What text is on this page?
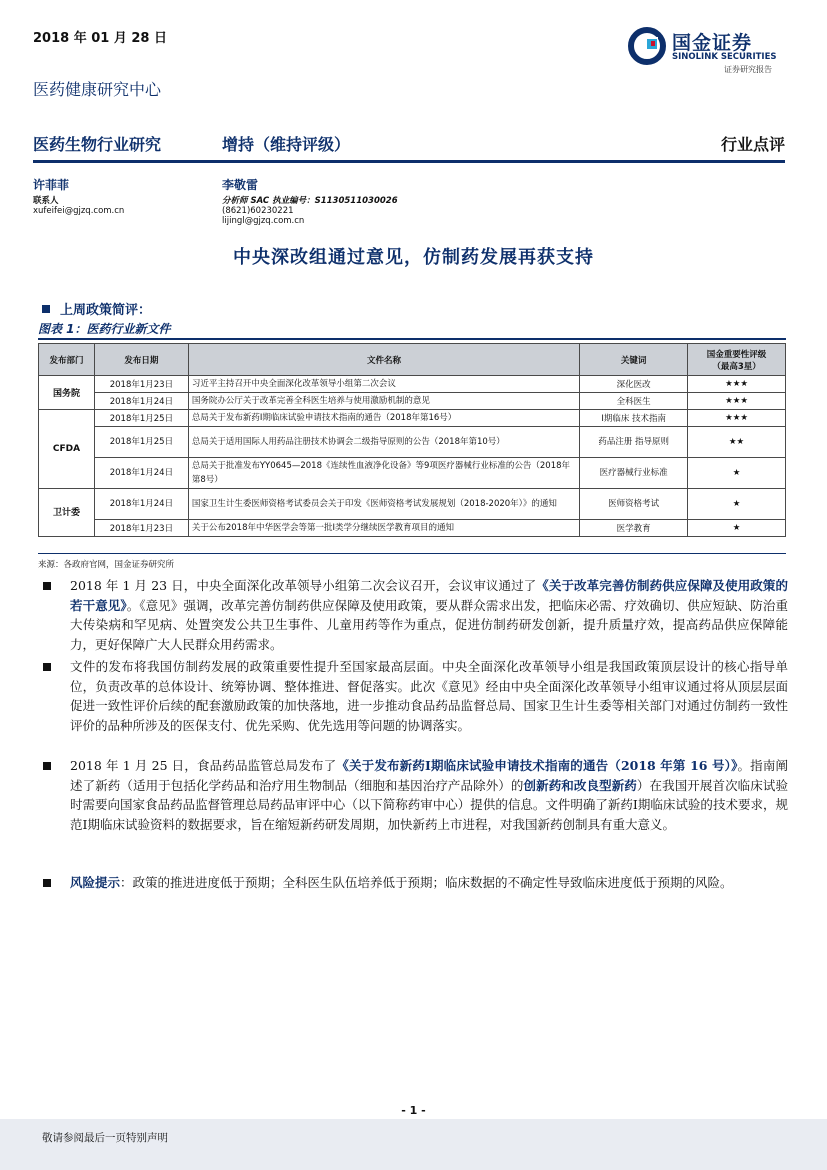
2018 年 01 月 28 日	国金证券
SINOLINK SECURITIES
证券研究报告
医药健康研究中心
医药生物行业研究	增持（维持评级）	行业点评
许菲菲
联系人
xufeifei@gjzq.com.cn
李敬雷
分析师 SAC 执业编号：S1130511030026
(8621)60230221
lijingl@gjzq.com.cn
中央深改组通过意见，仿制药发展再获支持
上周政策简评：
图表 1：医药行业新文件
发布部门	发布日期	文件名称	关键词	国金重要性评级
（最高3星）
国务院	2018年1月23日	习近平主持召开中央全面深化改革领导小组第二次会议	深化医改	★★★
	2018年1月24日	国务院办公厅关于改革完善全科医生培养与使用激励机制的意见	全科医生	★★★
CFDA	2018年1月25日	总局关于发布新药Ⅰ期临床试验申请技术指南的通告（2018年第16号）	Ⅰ期临床 技术指南	★★★
	2018年1月25日	总局关于适用国际人用药品注册技术协调会二级指导原则的公告（2018年第10号）	药品注册 指导原则	★★
	2018年1月24日	总局关于批准发布YY0645—2018《连续性血液净化设备》等9项医疗器械行业标准的公告（2018年第8号）	医疗器械行业标准	★
卫计委	2018年1月24日	国家卫生计生委医师资格考试委员会关于印发《医师资格考试发展规划（2018-2020年）》的通知	医师资格考试	★
	2018年1月23日	关于公布2018年中华医学会等第一批Ⅰ类学分继续医学教育项目的通知	医学教育	★
来源：各政府官网，国金证券研究所
2018 年 1 月 23 日，中央全面深化改革领导小组第二次会议召开，会议审议通过了《关于改革完善仿制药供应保障及使用政策的若干意见》。《意见》强调，改革完善仿制药供应保障及使用政策，要从群众需求出发，把临床必需、疗效确切、供应短缺、防治重大传染病和罕见病、处置突发公共卫生事件、儿童用药等作为重点，促进仿制药研发创新，提升质量疗效，提高药品供应保障能力，更好保障广大人民群众用药需求。
文件的发布将我国仿制药发展的政策重要性提升至国家最高层面。中央全面深化改革领导小组是我国政策顶层设计的核心指导单位，负责改革的总体设计、统筹协调、整体推进、督促落实。此次《意见》经由中央全面深化改革领导小组审议通过将从顶层层面促进一致性评价后续的配套激励政策的加快落地，进一步推动食品药品监督总局、国家卫生计生委等相关部门对通过仿制药一致性评价的品种所涉及的医保支付、优先采购、优先选用等问题的协调落实。
2018 年 1 月 25 日，食品药品监管总局发布了《关于发布新药Ⅰ期临床试验申请技术指南的通告（2018 年第 16 号）》。指南阐述了新药（适用于包括化学药品和治疗用生物制品（细胞和基因治疗产品除外）的创新药和改良型新药）在我国开展首次临床试验时需要向国家食品药品监督管理总局药品审评中心（以下简称药审中心）提供的信息。文件明确了新药Ⅰ期临床试验的技术要求，规范Ⅰ期临床试验资料的数据要求，旨在缩短新药研发周期，加快新药上市进程，对我国新药创制具有重大意义。
风险提示：政策的推进进度低于预期；全科医生队伍培养低于预期；临床数据的不确定性导致临床进度低于预期的风险。
- 1 -
敬请参阅最后一页特别声明
